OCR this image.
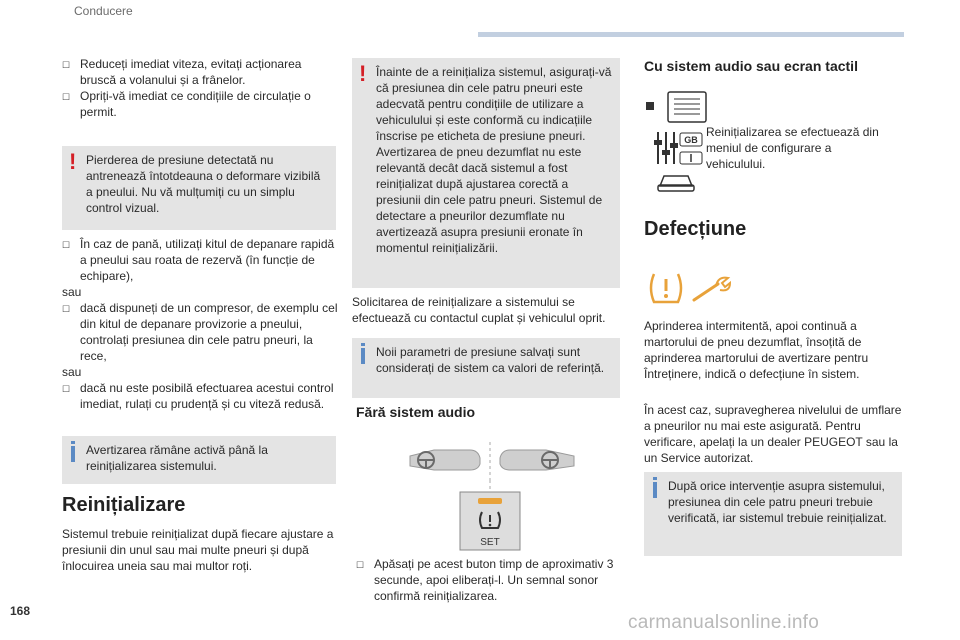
Conducere
☐ Reduceți imediat viteza, evitați acționarea bruscă a volanului și a frânelor.
☐ Opriți-vă imediat ce condițiile de circulație o permit.
! Pierderea de presiune detectată nu antrenează întotdeauna o deformare vizibilă a pneului. Nu vă mulțumiți cu un simplu control vizual.
☐ În caz de pană, utilizați kitul de depanare rapidă a pneului sau roata de rezervă (în funcție de echipare),
sau
☐ dacă dispuneți de un compresor, de exemplu cel din kitul de depanare provizorie a pneului, controlați presiunea din cele patru pneuri, la rece,
sau
☐ dacă nu este posibilă efectuarea acestui control imediat, rulați cu prudență și cu viteză redusă.
Avertizarea rămâne activă până la reinițializarea sistemului.
Reinițializare
Sistemul trebuie reinițializat după fiecare ajustare a presiunii din unul sau mai multe pneuri și după înlocuirea uneia sau mai multor roți.
! Înainte de a reinițializa sistemul, asigurați-vă că presiunea din cele patru pneuri este adecvată pentru condițiile de utilizare a vehiculului și este conformă cu indicațiile înscrise pe eticheta de presiune pneuri. Avertizarea de pneu dezumflat nu este relevantă decât dacă sistemul a fost reinițializat după ajustarea corectă a presiunii din cele patru pneuri. Sistemul de detectare a pneurilor dezumflate nu avertizează asupra presiunii eronate în momentul reinițializării.
Solicitarea de reinițializare a sistemului se efectuează cu contactul cuplat și vehiculul oprit.
Noii parametri de presiune salvați sunt considerați de sistem ca valori de referință.
Fără sistem audio
SET
☐ Apăsați pe acest buton timp de aproximativ 3 secunde, apoi eliberați-l. Un semnal sonor confirmă reinițializarea.
Cu sistem audio sau ecran tactil
GB
Reinițializarea se efectuează din meniul de configurare a vehiculului.
Defecțiune
Aprinderea intermitentă, apoi continuă a martorului de pneu dezumflat, însoțită de aprinderea martorului de avertizare pentru Întreținere, indică o defecțiune în sistem.
În acest caz, supravegherea nivelului de umflare a pneurilor nu mai este asigurată. Pentru verificare, apelați la un dealer PEUGEOT sau la un Service autorizat.
După orice intervenție asupra sistemului, presiunea din cele patru pneuri trebuie verificată, iar sistemul trebuie reinițializat.
168
carmanualsonline.info
